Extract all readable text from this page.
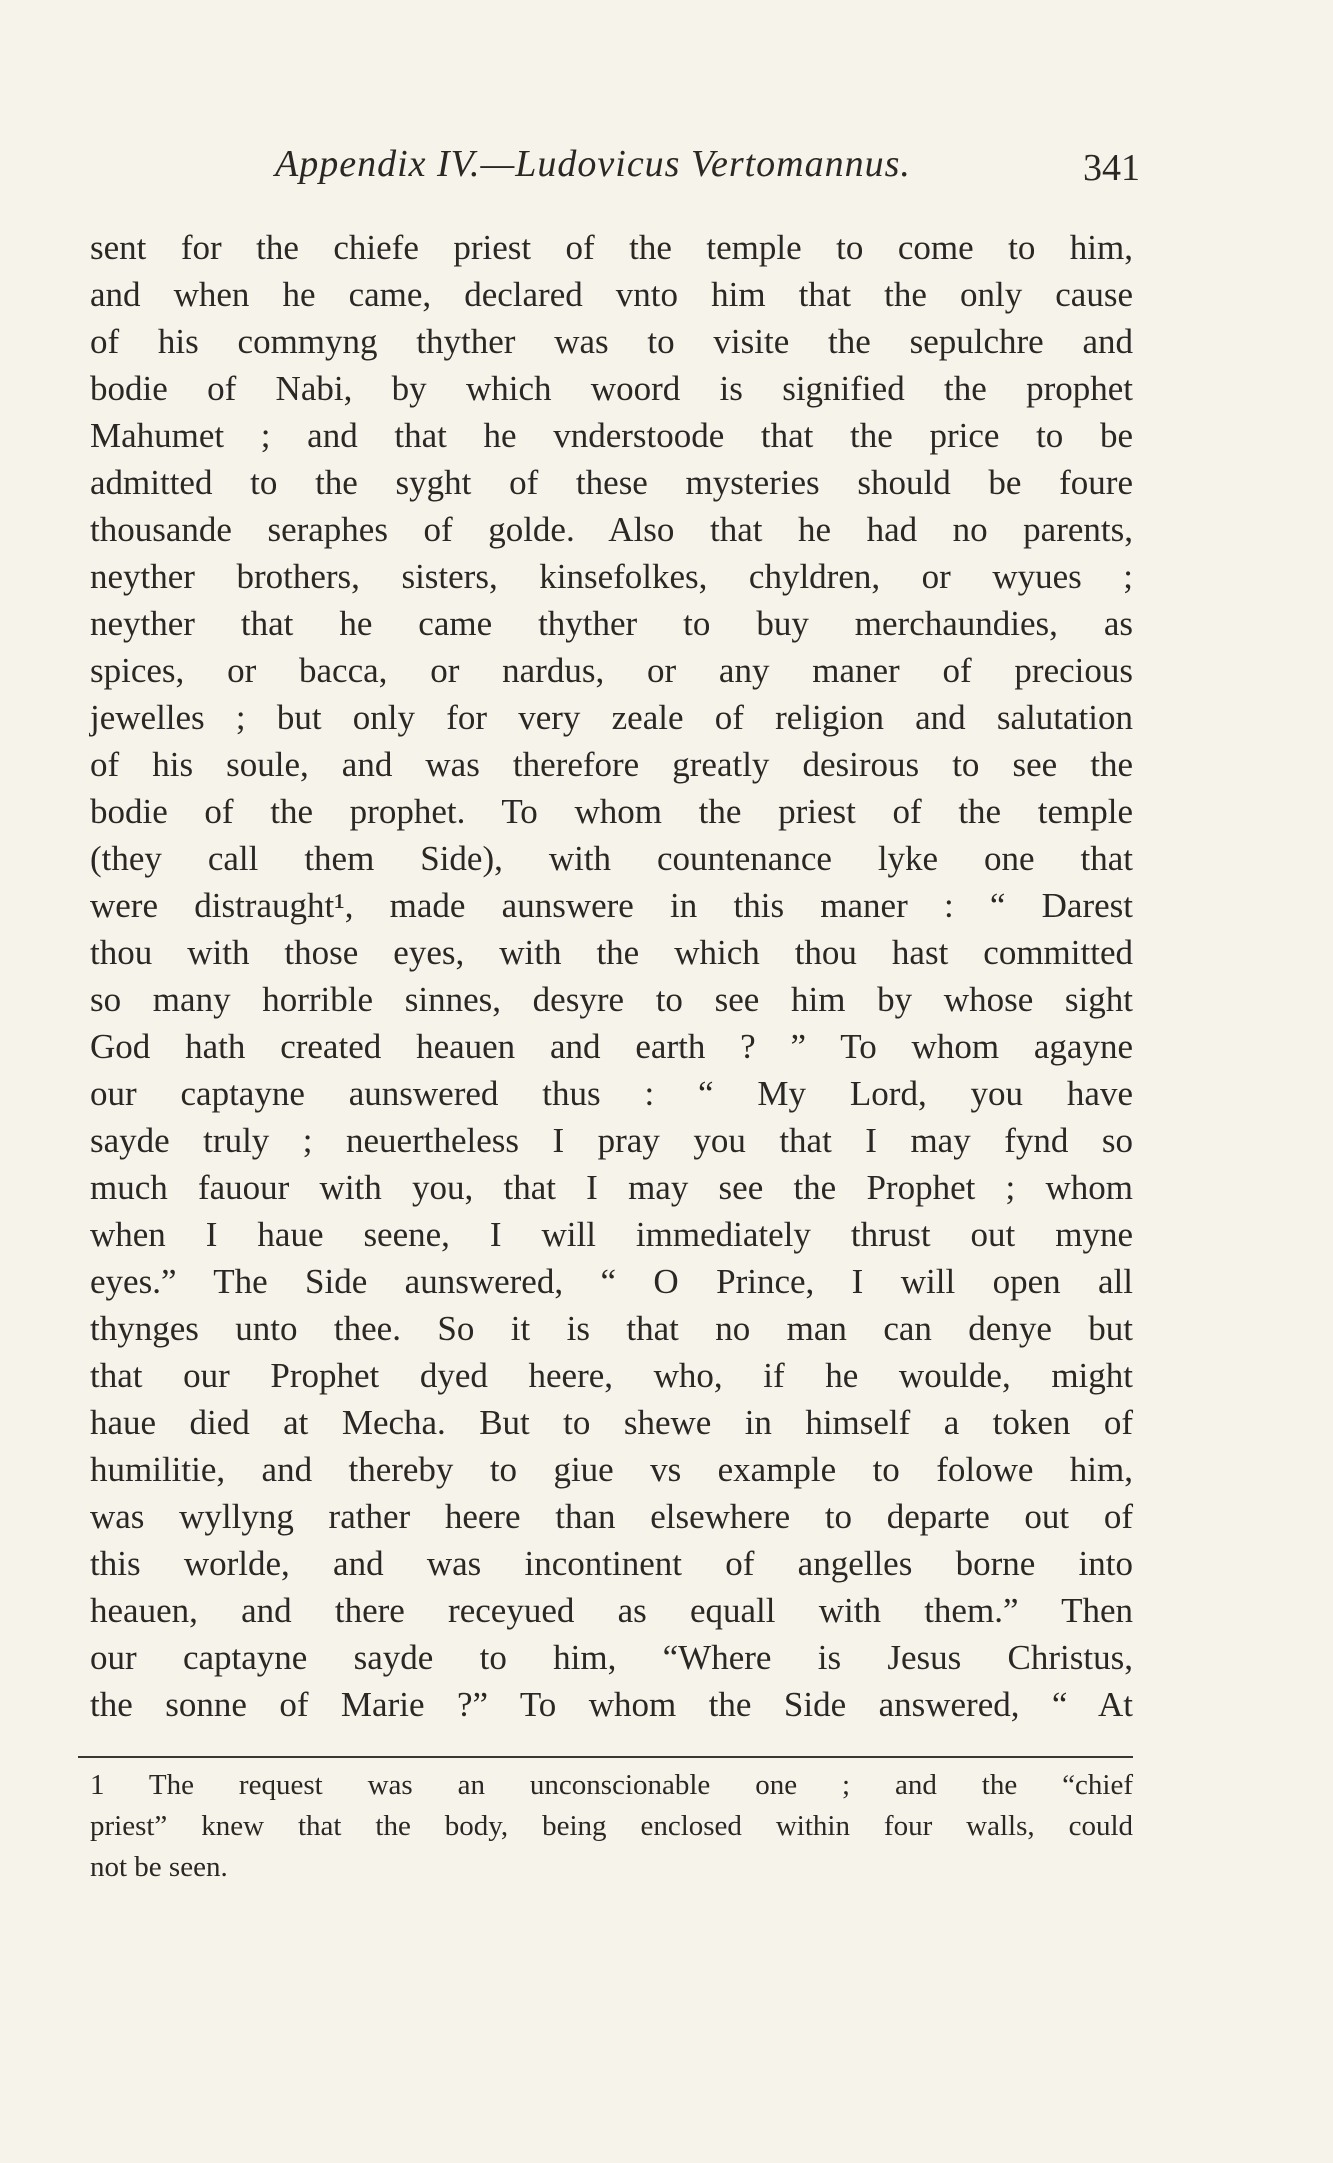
Appendix IV.—Ludovicus Vertomannus.	341
sent for the chiefe priest of the temple to come to him,
and when he came, declared vnto him that the only cause
of his commyng thyther was to visite the sepulchre and
bodie of Nabi, by which woord is signified the prophet
Mahumet ; and that he vnderstoode that the price to be
admitted to the syght of these mysteries should be foure
thousande seraphes of golde. Also that he had no parents,
neyther brothers, sisters, kinsefolkes, chyldren, or wyues ;
neyther that he came thyther to buy merchaundies, as
spices, or bacca, or nardus, or any maner of precious
jewelles ; but only for very zeale of religion and salutation
of his soule, and was therefore greatly desirous to see the
bodie of the prophet. To whom the priest of the temple
(they call them Side), with countenance lyke one that
were distraught¹, made aunswere in this maner : “ Darest
thou with those eyes, with the which thou hast committed
so many horrible sinnes, desyre to see him by whose sight
God hath created heauen and earth ? ” To whom agayne
our captayne aunswered thus : “ My Lord, you have
sayde truly ; neuertheless I pray you that I may fynd so
much fauour with you, that I may see the Prophet ; whom
when I haue seene, I will immediately thrust out myne
eyes.” The Side aunswered, “ O Prince, I will open all
thynges unto thee. So it is that no man can denye but
that our Prophet dyed heere, who, if he woulde, might
haue died at Mecha. But to shewe in himself a token of
humilitie, and thereby to giue vs example to folowe him,
was wyllyng rather heere than elsewhere to departe out of
this worlde, and was incontinent of angelles borne into
heauen, and there receyued as equall with them.” Then
our captayne sayde to him, “Where is Jesus Christus,
the sonne of Marie ?” To whom the Side answered, “ At
1 The request was an unconscionable one ; and the “chief
priest” knew that the body, being enclosed within four walls, could
not be seen.
